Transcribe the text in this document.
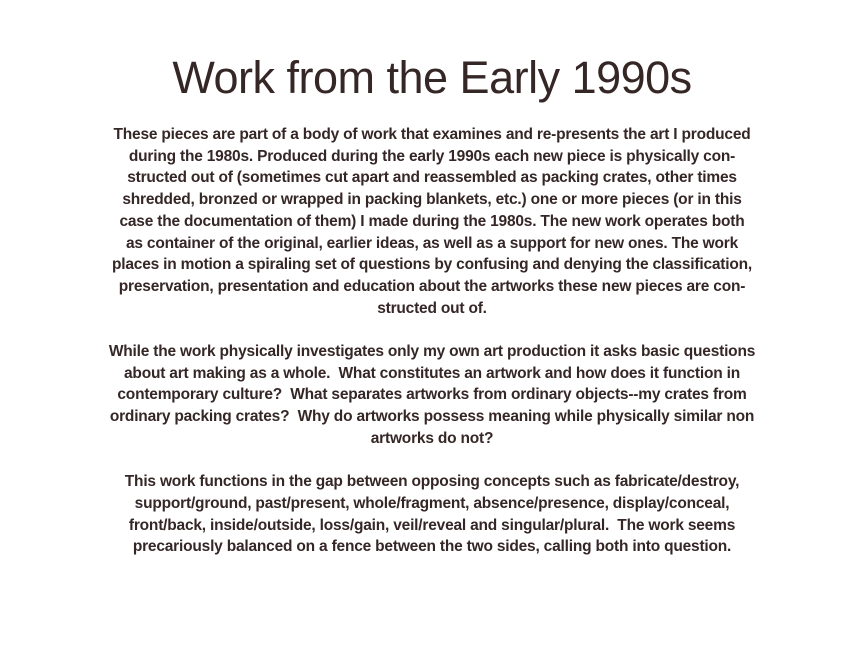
Work from the Early 1990s
These pieces are part of a body of work that examines and re-presents the art I produced
during the 1980s. Produced during the early 1990s each new piece is physically con-
structed out of (sometimes cut apart and reassembled as packing crates, other times
shredded, bronzed or wrapped in packing blankets, etc.) one or more pieces (or in this
case the documentation of them) I made during the 1980s. The new work operates both
as container of the original, earlier ideas, as well as a support for new ones. The work
places in motion a spiraling set of questions by confusing and denying the classification,
preservation, presentation and education about the artworks these new pieces are con-
structed out of.
While the work physically investigates only my own art production it asks basic questions
about art making as a whole.  What constitutes an artwork and how does it function in
contemporary culture?  What separates artworks from ordinary objects--my crates from
ordinary packing crates?  Why do artworks possess meaning while physically similar non
artworks do not?
This work functions in the gap between opposing concepts such as fabricate/destroy,
support/ground, past/present, whole/fragment, absence/presence, display/conceal,
front/back, inside/outside, loss/gain, veil/reveal and singular/plural.  The work seems
precariously balanced on a fence between the two sides, calling both into question.
